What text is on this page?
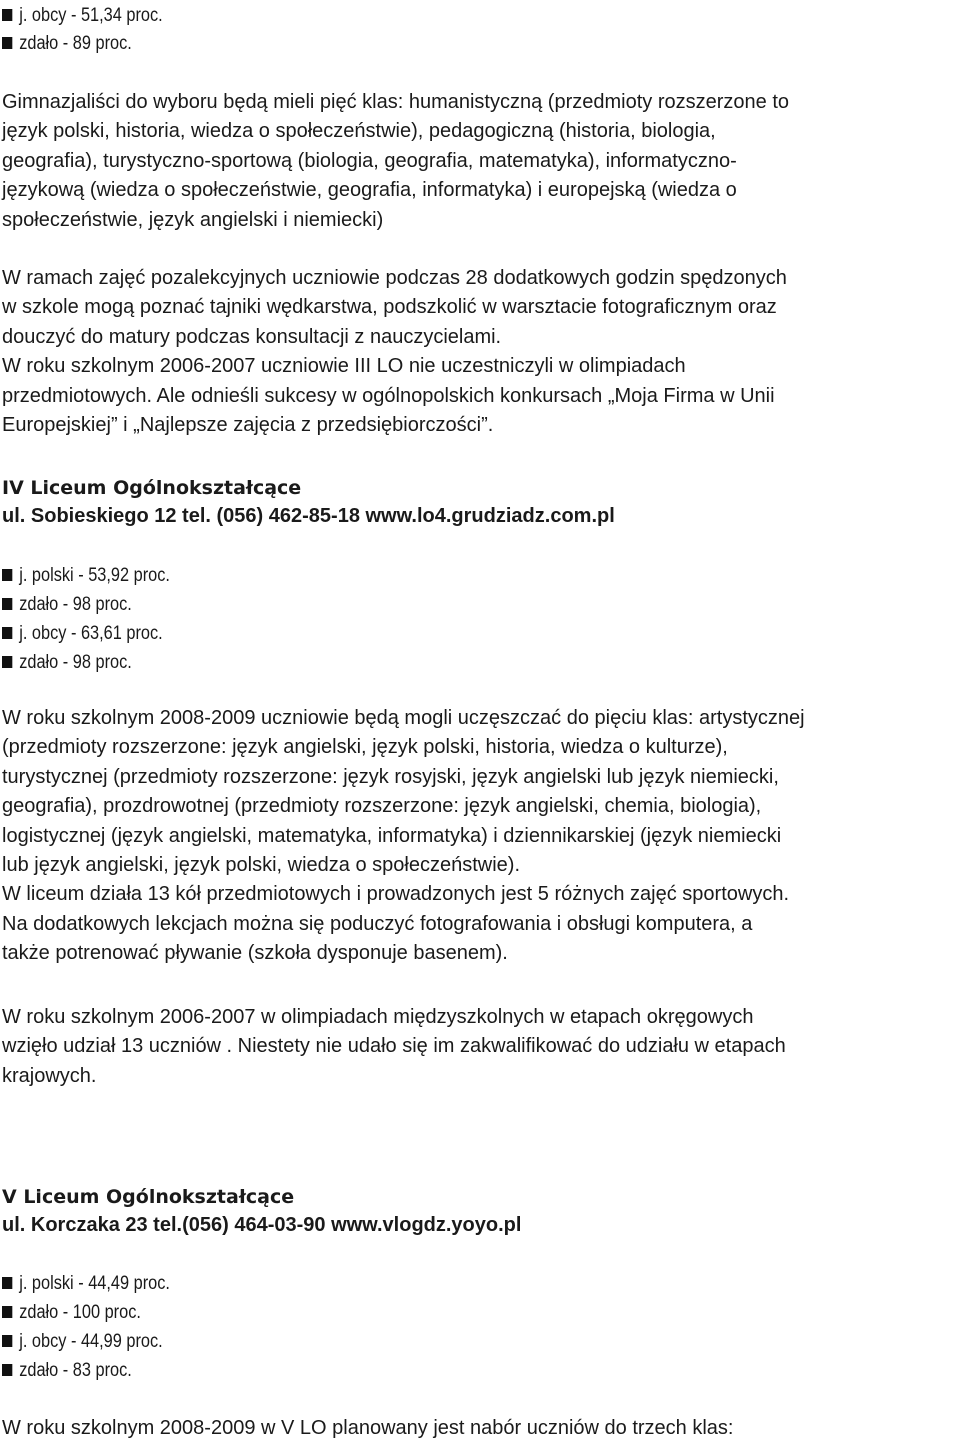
j. obcy - 51,34 proc.
zdało - 89 proc.

Gimnazjaliści do wyboru będą mieli pięć klas: humanistyczną (przedmioty rozszerzone to
język polski, historia, wiedza o społeczeństwie), pedagogiczną (historia, biologia,
geografia), turystyczno-sportową (biologia, geografia, matematyka), informatyczno-
językową (wiedza o społeczeństwie, geografia, informatyka) i europejską (wiedza o
społeczeństwie, język angielski i niemiecki)

W ramach zajęć pozalekcyjnych uczniowie podczas 28 dodatkowych godzin spędzonych
w szkole mogą poznać tajniki wędkarstwa, podszkolić w warsztacie fotograficznym oraz
douczyć do matury podczas konsultacji z nauczycielami.
W roku szkolnym 2006-2007 uczniowie III LO nie uczestniczyli w olimpiadach
przedmiotowych. Ale odnieśli sukcesy w ogólnopolskich konkursach „Moja Firma w Unii
Europejskiej” i „Najlepsze zajęcia z przedsiębiorczości”.

IV Liceum Ogólnokształcące
ul. Sobieskiego 12 tel. (056) 462-85-18 www.lo4.grudziadz.com.pl
j. polski - 53,92 proc.
zdało - 98 proc.
j. obcy - 63,61 proc.
zdało - 98 proc.

W roku szkolnym 2008-2009 uczniowie będą mogli uczęszczać do pięciu klas: artystycznej
(przedmioty rozszerzone: język angielski, język polski, historia, wiedza o kulturze),
turystycznej (przedmioty rozszerzone: język rosyjski, język angielski lub język niemiecki,
geografia), prozdrowotnej (przedmioty rozszerzone: język angielski, chemia, biologia),
logistycznej (język angielski, matematyka, informatyka) i dziennikarskiej (język niemiecki
lub język angielski, język polski, wiedza o społeczeństwie).
W liceum działa 13 kół przedmiotowych i prowadzonych jest 5 różnych zajęć sportowych.
Na dodatkowych lekcjach można się poduczyć fotografowania i obsługi komputera, a
także potrenować pływanie (szkoła dysponuje basenem).

W roku szkolnym 2006-2007 w olimpiadach międzyszkolnych w etapach okręgowych
wzięło udział 13 uczniów . Niestety nie udało się im zakwalifikować do udziału w etapach
krajowych.

V Liceum Ogólnokształcące
ul. Korczaka 23 tel.(056) 464-03-90 www.vlogdz.yoyo.pl
j. polski - 44,49 proc.
zdało - 100 proc.
j. obcy - 44,99 proc.
zdało - 83 proc.

W roku szkolnym 2008-2009 w V LO planowany jest nabór uczniów do trzech klas:
